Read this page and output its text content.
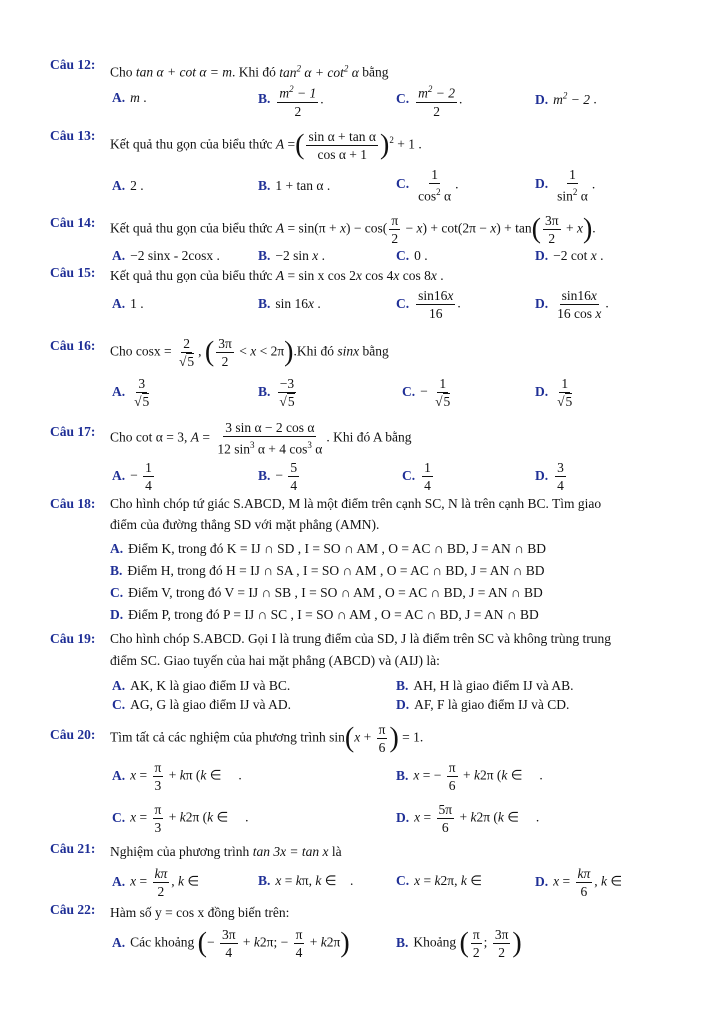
Câu 12: Cho tan α + cot α = m. Khi đó $\tan^2 \alpha + \cot^2 \alpha$ bằng
A. m .	B. $\frac{m^2 - 1}{2}$ .	C. $\frac{m^2 - 2}{2}$ .	D. $m^2 - 2$ .
Câu 13:
Kết quả thu gọn của biểu thức A =( $\frac{\text{sin α + tan α}}{\text{cos α + 1}} )^2 + 1$ .
A. 2 .	B. 1 + tan α .	C. $\frac{1}{\cos^2 \alpha}$ .	D. $\frac{1}{\sin^2 \alpha}$ .
Câu 14: Kết quả thu gọn của biểu thức $A = \sin(\pi + x) - \cos( \frac{\pi}{2} - x) + \cot(2\pi - x) + \tan( \frac{3\pi}{2} + x)$.
A. −2 sinx - 2cosx .	B. −2 sin x .	C. 0 .	D. −2 cot x .
Câu 15: Kết quả thu gọn của biểu thức A = sin x cos 2x cos 4x cos 8x .
A. 1 .	B. sin 16x .	C. $\frac{\sin 16x}{16}$ .	D. $\frac{\sin 16x}{\text{16 cos x}}$ .
Câu 16: Cho $\cos x = \frac{2}{√5}$ , ( $\frac{3\pi}{2} < x < 2\pi).Khi$ đó sinx bằng
A. $\frac{3}{√5}$	B. $\frac{-3}{√5}$	C. − $\frac{1}{√5}$	D. $\frac{1}{√5}$
Câu 17: Cho cot α = 3, $A = \frac{\text{3 sin α − 2 cos α}}{12 \sin^3 \alpha + 4 \cos^3 \alpha}$ . Khi đó A bằng
A. − $\frac{1}{4}$	B. − $\frac{5}{4}$	C. $\frac{1}{4}$	D. $\frac{3}{4}$
Câu 18: Cho hình chóp tứ giác S.ABCD, M là một điểm trên cạnh SC, N là trên cạnh BC. Tìm giao
điểm của đường thẳng SD với mặt phẳng (AMN).
A. Điểm K, trong đó K = IJ ∩ SD , I = SO ∩ AM , O = AC ∩ BD, J = AN ∩ BD
B. Điểm H, trong đó H = IJ ∩ SA , I = SO ∩ AM , O = AC ∩ BD, J = AN ∩ BD
C. Điểm V, trong đó V = IJ ∩ SB , I = SO ∩ AM , O = AC ∩ BD, J = AN ∩ BD
D. Điểm P, trong đó P = IJ ∩ SC , I = SO ∩ AM , O = AC ∩ BD, J = AN ∩ BD
Câu 19: Cho hình chóp S.ABCD. Gọi I là trung điểm của SD, J là điểm trên SC và không trùng trung
điểm SC. Giao tuyến của hai mặt phẳng (ABCD) và (AIJ) là:
A. AK, K là giao điểm IJ và BC.	B. AH, H là giao điểm IJ và AB.
C. AG, G là giao điểm IJ và AD.	D. AF, F là giao điểm IJ và CD.
Câu 20: Tìm tất cả các nghiệm của phương trình $\sin(x + \frac{\pi}{6}$ ) = 1.
A. $x = \frac{\pi}{3} + k\pi$ (k ∈     .	B. x = − $\frac{\pi}{6} + k2\pi$ (k ∈     .
C. $x = \frac{\pi}{3} + k2\pi$ (k ∈     .	D. $x = \frac{5\pi}{6} + k2\pi$ (k ∈     .
Câu 21: Nghiệm của phương trình tan 3x = tan x là
A. $x = \frac{k\pi}{2}$ , k ∈	B. x = kπ, k ∈    .	C. x = k2π, k ∈	D. $x = \frac{k\pi}{6}$ , k ∈
Câu 22: Hàm số y = cos x đồng biến trên:
A. Các khoảng (− $\frac{3\pi}{4} + k2\pi$; − $\frac{\pi}{4} + k2\pi$)	B. Khoảng ( $\frac{\pi}{2}$ ; $\frac{3\pi}{2}$ )
